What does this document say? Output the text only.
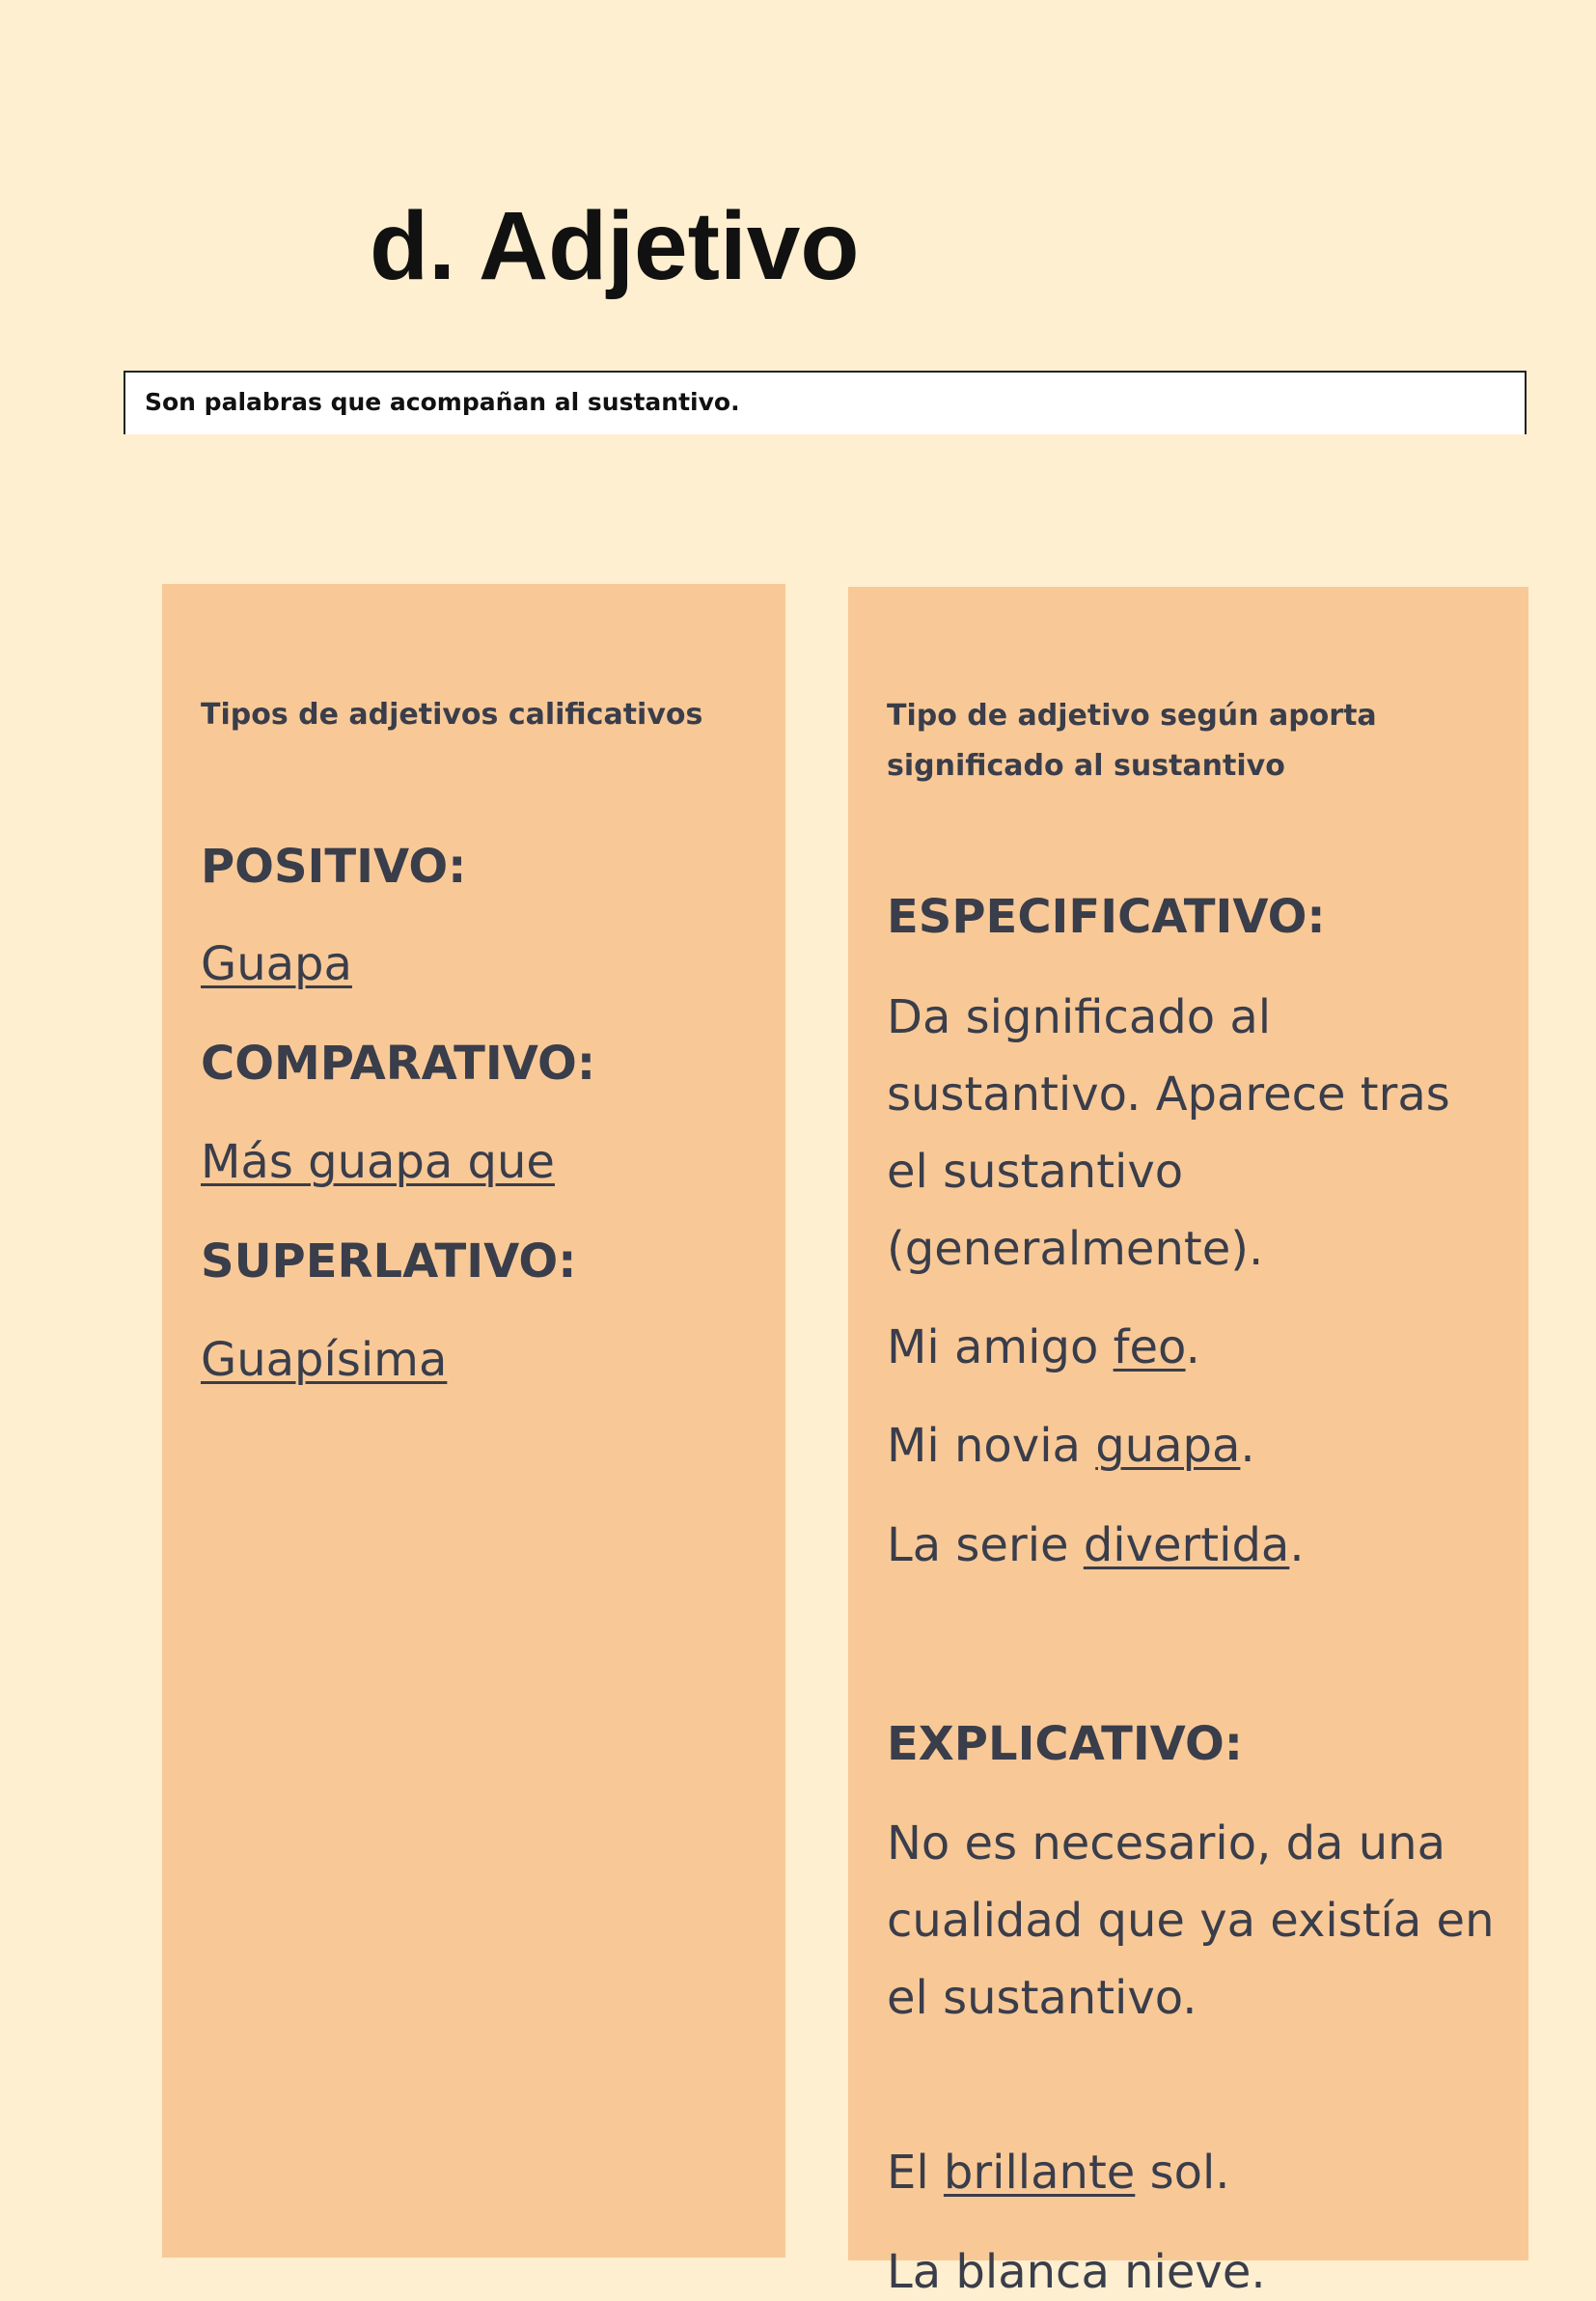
d. Adjetivo
Son palabras que acompañan al sustantivo.

Tipos de adjetivos calificativos

POSITIVO:
Guapa
COMPARATIVO:
Más guapa que
SUPERLATIVO:
Guapísima

Tipo de adjetivo según aporta significado al sustantivo

ESPECIFICATIVO:

Da significado al sustantivo. Aparece tras el sustantivo (generalmente).

Mi amigo feo.
Mi novia guapa.
La serie divertida.
EXPLICATIVO:

No es necesario, da una cualidad que ya existía en el sustantivo.

El brillante sol.
La blanca nieve.
